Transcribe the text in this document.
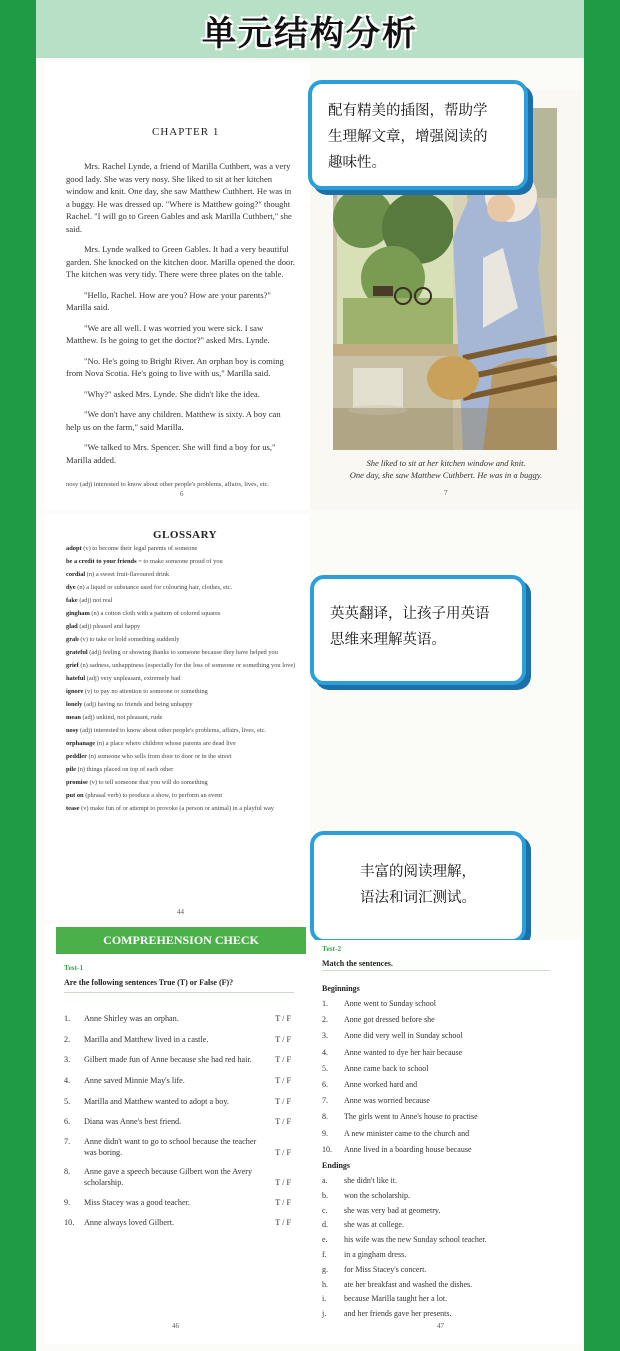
单元结构分析
CHAPTER 1

Mrs. Rachel Lynde, a friend of Marilla Cuthbert, was a very good lady. She was very nosy. She liked to sit at her kitchen window and knit. One day, she saw Matthew Cuthbert. He was in a buggy. He was dressed up. "Where is Matthew going?" thought Rachel. "I will go to Green Gables and ask Marilla Cuthbert," she said.

Mrs. Lynde walked to Green Gables. It had a very beautiful garden. She knocked on the kitchen door. Marilla opened the door. The kitchen was very tidy. There were three plates on the table.

"Hello, Rachel. How are you? How are your parents?" Marilla said.

"We are all well. I was worried you were sick. I saw Matthew. Is he going to get the doctor?" asked Mrs. Lynde.

"No. He's going to Bright River. An orphan boy is coming from Nova Scotia. He's going to live with us," Marilla said.

"Why?" asked Mrs. Lynde. She didn't like the idea.

"We don't have any children. Matthew is sixty. A boy can help us on the farm," said Marilla.

"We talked to Mrs. Spencer. She will find a boy for us," Marilla added.

nosy (adj) interested to know about other people's problems, affairs, lives, etc.
6
She liked to sit at her kitchen window and knit.
One day, she saw Matthew Cuthbert. He was in a buggy.
7
配有精美的插图，帮助学
生理解文章，增强阅读的
趣味性。
GLOSSARY
adopt (v) to become their legal parents of someone
be a credit to your friends = to make someone proud of you
cordial (n) a sweet fruit-flavoured drink
dye (n) a liquid or substance used for colouring hair, clothes, etc.
fake (adj) not real
gingham (n) a cotton cloth with a pattern of colored squares
glad (adj) pleased and happy
grab (v) to take or hold something suddenly
grateful (adj) feeling or showing thanks to someone because they have helped you
grief (n) sadness, unhappiness (especially for the loss of someone or something you love)
hateful (adj) very unpleasant, extremely bad
ignore (v) to pay no attention to someone or something
lonely (adj) having no friends and being unhappy
mean (adj) unkind, not pleasant, rude
nosy (adj) interested to know about other people's problems, affairs, lives, etc.
orphanage (n) a place where children whose parents are dead live
peddler (n) someone who sells from door to door or in the street
pile (n) things placed on top of each other
promise (v) to tell someone that you will do something
put on (phrasal verb) to produce a show, to perform an event
tease (v) make fun of or attempt to provoke (a person or animal) in a playful way
44
英英翻译，让孩子用英语
思维来理解英语。
丰富的阅读理解，
语法和词汇测试。
COMPREHENSION CHECK
Test-1
Are the following sentences True (T) or False (F)?
1. Anne Shirley was an orphan.	T / F
2. Marilla and Matthew lived in a castle.	T / F
3. Gilbert made fun of Anne because she had red hair.	T / F
4. Anne saved Minnie May's life.	T / F
5. Marilla and Matthew wanted to adopt a boy.	T / F
6. Diana was Anne's best friend.	T / F
7. Anne didn't want to go to school because the teacher was boring.	T / F
8. Anne gave a speech because Gilbert won the Avery scholarship.	T / F
9. Miss Stacey was a good teacher.	T / F
10. Anne always loved Gilbert.	T / F
46
Test-2
Match the sentences.
Beginnings
1. Anne went to Sunday school
2. Anne got dressed before she
3. Anne did very well in Sunday school
4. Anne wanted to dye her hair because
5. Anne came back to school
6. Anne worked hard and
7. Anne was worried because
8. The girls went to Anne's house to practise
9. A new minister came to the church and
10. Anne lived in a boarding house because
Endings
a. she didn't like it.
b. won the scholarship.
c. she was very bad at geometry.
d. she was at college.
e. his wife was the new Sunday school teacher.
f. in a gingham dress.
g. for Miss Stacey's concert.
h. ate her breakfast and washed the dishes.
i. because Marilla taught her a lot.
j. and her friends gave her presents.
47
